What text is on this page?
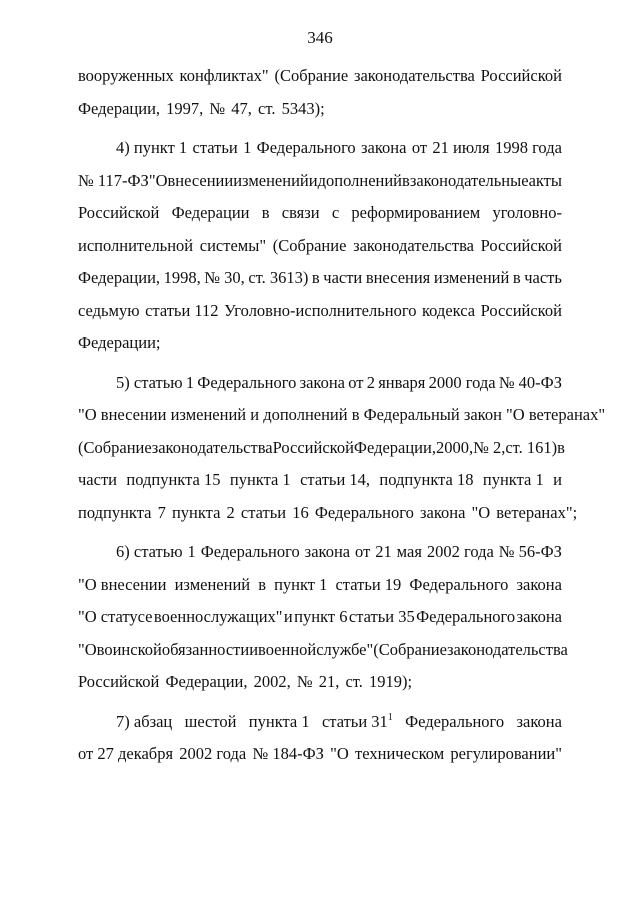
346
вооруженных конфликтах" (Собрание законодательства Российской
Федерации, 1997, № 47, ст. 5343);
4) пункт 1 статьи 1 Федерального закона от 21 июля 1998 года
№ 117-ФЗ "О внесении изменений и дополнений в законодательные акты
Российской Федерации в связи с реформированием уголовно-
исполнительной системы" (Собрание законодательства Российской
Федерации, 1998, № 30, ст. 3613) в части внесения изменений в часть
седьмую статьи 112 Уголовно-исполнительного кодекса Российской
Федерации;
5) статью 1 Федерального закона от 2 января 2000 года № 40-ФЗ
"О внесении изменений и дополнений в Федеральный закон "О ветеранах"
(Собрание законодательства Российской Федерации, 2000, № 2, ст. 161) в
части подпункта 15 пункта 1 статьи 14, подпункта 18 пункта 1 и
подпункта 7 пункта 2 статьи 16 Федерального закона "О ветеранах";
6) статью 1 Федерального закона от 21 мая 2002 года № 56-ФЗ
"О внесении изменений в пункт 1 статьи 19 Федерального закона
"О статусе военнослужащих" и пункт 6 статьи 35 Федерального закона
"О воинской обязанности и военной службе" (Собрание законодательства
Российской Федерации, 2002, № 21, ст. 1919);
7) абзац шестой пункта 1 статьи $31^1$ Федерального закона
от 27 декабря 2002 года № 184-ФЗ "О техническом регулировании"
